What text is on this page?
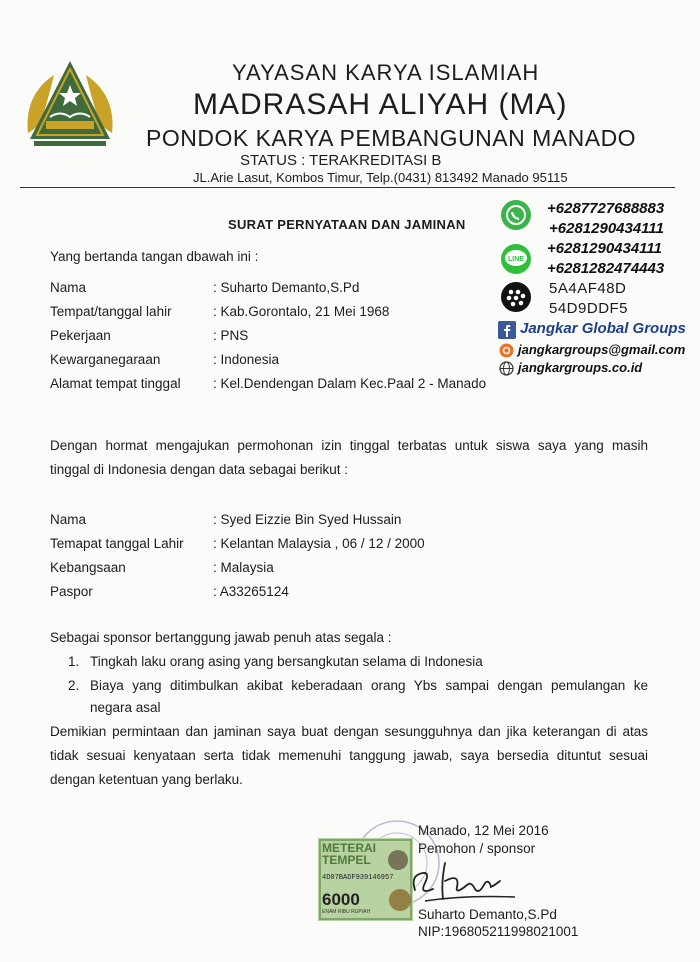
YAYASAN KARYA ISLAMIAH
MADRASAH ALIYAH (MA)
PONDOK KARYA PEMBANGUNAN MANADO
STATUS : TERAKREDITASI B
JL.Arie Lasut, Kombos Timur, Telp.(0431) 813492 Manado 95115
SURAT PERNYATAAN DAN JAMINAN
Yang bertanda tangan dbawah ini :
Nama	: Suharto Demanto,S.Pd
Tempat/tanggal lahir	: Kab.Gorontalo, 21 Mei 1968
Pekerjaan	: PNS
Kewarganegaraan	: Indonesia
Alamat tempat tinggal	: Kel.Dendengan Dalam Kec.Paal 2 - Manado
Dengan hormat mengajukan permohonan izin tinggal terbatas untuk siswa saya yang masih
tinggal di Indonesia dengan data sebagai berikut :
Nama	: Syed Eizzie Bin Syed Hussain
Temapat tanggal Lahir	: Kelantan Malaysia , 06 / 12 / 2000
Kebangsaan	: Malaysia
Paspor	: A33265124
Sebagai sponsor bertanggung jawab penuh atas segala :
1. Tingkah laku orang asing yang bersangkutan selama di Indonesia
2. Biaya yang ditimbulkan akibat keberadaan orang Ybs sampai dengan pemulangan ke
negara asal
Demikian permintaan dan jaminan saya buat dengan sesungguhnya dan jika keterangan di atas
tidak sesuai kenyataan serta tidak memenuhi tanggung jawab, saya bersedia dituntut sesuai
dengan ketentuan yang berlaku.
METERAI
TEMPEL
4D07BADF939146957
6000
ENAM RIBU RUPIAH
Manado, 12 Mei 2016
Pemohon / sponsor
Suharto Demanto,S.Pd
NIP:196805211998021001
LINE
+6287727688883
+6281290434111
+6281290434111
+6281282474443
5A4AF48D
54D9DDF5
Jangkar Global Groups
jangkargroups@gmail.com
jangkargroups.co.id
